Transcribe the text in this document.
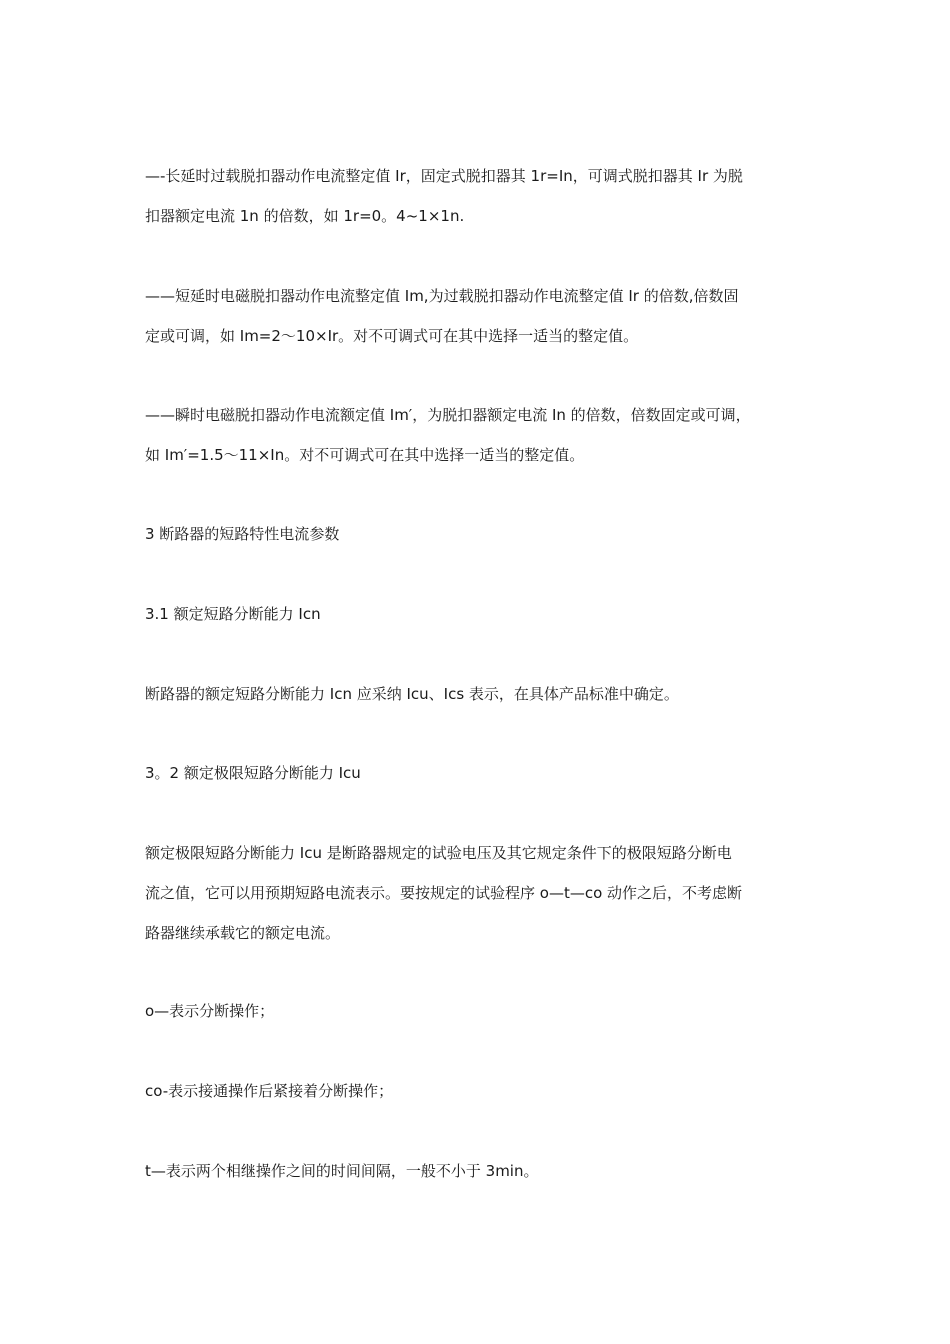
—-长延时过载脱扣器动作电流整定值 Ir，固定式脱扣器其 1r=In，可调式脱扣器其 Ir 为脱
扣器额定电流 1n 的倍数，如 1r=0。4~1×1n.
——短延时电磁脱扣器动作电流整定值 Im,为过载脱扣器动作电流整定值 Ir 的倍数,倍数固
定或可调，如 Im=2～10×Ir。对不可调式可在其中选择一适当的整定值。
——瞬时电磁脱扣器动作电流额定值 Im′，为脱扣器额定电流 In 的倍数，倍数固定或可调，
如 Im′=1.5～11×In。对不可调式可在其中选择一适当的整定值。
3 断路器的短路特性电流参数
3.1 额定短路分断能力 Icn
断路器的额定短路分断能力 Icn 应采纳 Icu、Ics 表示，在具体产品标准中确定。
3。2 额定极限短路分断能力 Icu
额定极限短路分断能力 Icu 是断路器规定的试验电压及其它规定条件下的极限短路分断电
流之值，它可以用预期短路电流表示。要按规定的试验程序 o—t—co 动作之后，不考虑断
路器继续承载它的额定电流。
o—表示分断操作；
co-表示接通操作后紧接着分断操作；
t—表示两个相继操作之间的时间间隔，一般不小于 3min。
